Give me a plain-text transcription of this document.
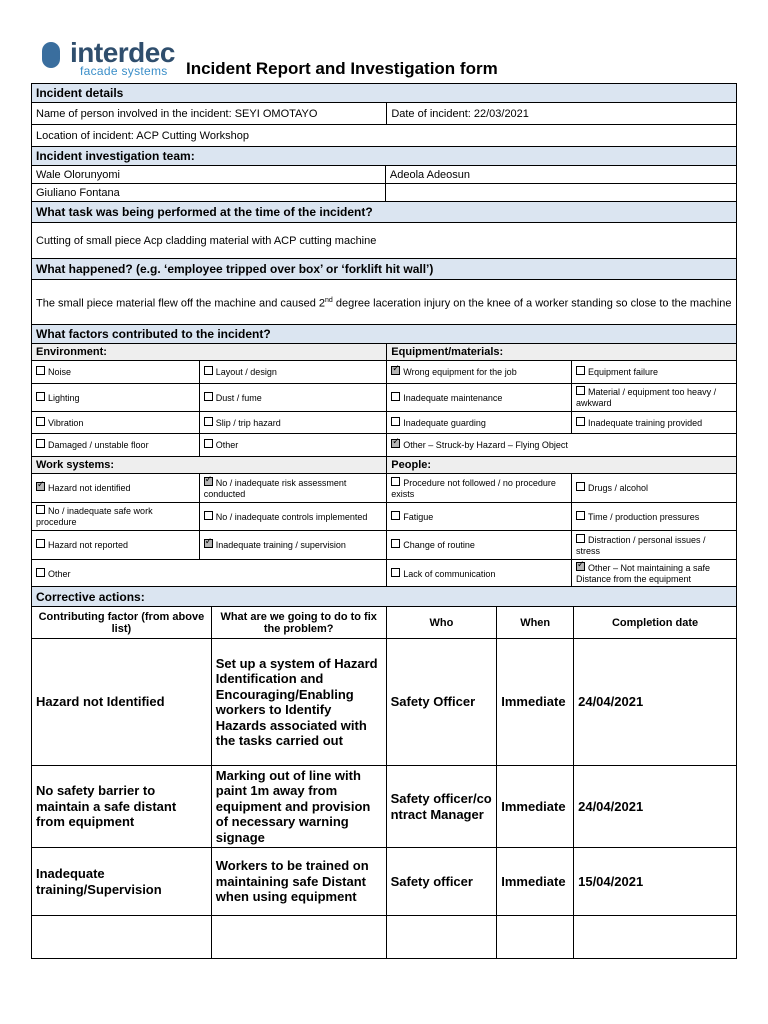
interdec
facade systems Incident Report and Investigation form
Incident details
Name of person involved in the incident: SEYI OMOTAYO	Date of incident: 22/03/2021
Location of incident: ACP Cutting Workshop
Incident investigation team:	
Wale Olorunyomi	Adeola Adeosun
Giuliano Fontana	
What task was being performed at the time of the incident?
Cutting of small piece Acp cladding material with ACP cutting machine
What happened? (e.g. ‘employee tripped over box’ or ‘forklift hit wall’)
The small piece material flew off the machine and caused 2nd degree laceration injury on the knee of a worker standing so close to the machine
What factors contributed to the incident?			
Environment:		Equipment/materials:	
Noise	Layout / design	✓Wrong equipment for the job	Equipment failure
Lighting	Dust / fume	Inadequate maintenance	Material / equipment too heavy / awkward
Vibration	Slip / trip hazard	Inadequate guarding	Inadequate training provided
Damaged / unstable floor	Other	✓Other – Struck-by Hazard – Flying Object
Work systems:		People:	
✓Hazard not identified	✓No / inadequate risk assessment conducted	Procedure not followed / no procedure exists	Drugs / alcohol
No / inadequate safe work procedure	No / inadequate controls implemented	Fatigue	Time / production pressures
Hazard not reported	✓Inadequate training / supervision	Change of routine	Distraction / personal issues / stress
Other		Lack of communication	✓Other – Not maintaining a safe Distance from the equipment
Corrective actions:				
Contributing factor (from above list)	What are we going to do to fix the problem?	Who	When	Completion date
Hazard not Identified	Set up a system of Hazard Identification and Encouraging/Enabling workers to Identify Hazards associated with the tasks carried out	Safety Officer	Immediate	24/04/2021
No safety barrier to maintain a safe distant from equipment	Marking out of line with paint 1m away from equipment and provision of necessary warning signage	Safety officer/contract Manager	Immediate	24/04/2021
Inadequate training/Supervision	Workers to be trained on maintaining safe Distant when using equipment	Safety officer	Immediate	15/04/2021
